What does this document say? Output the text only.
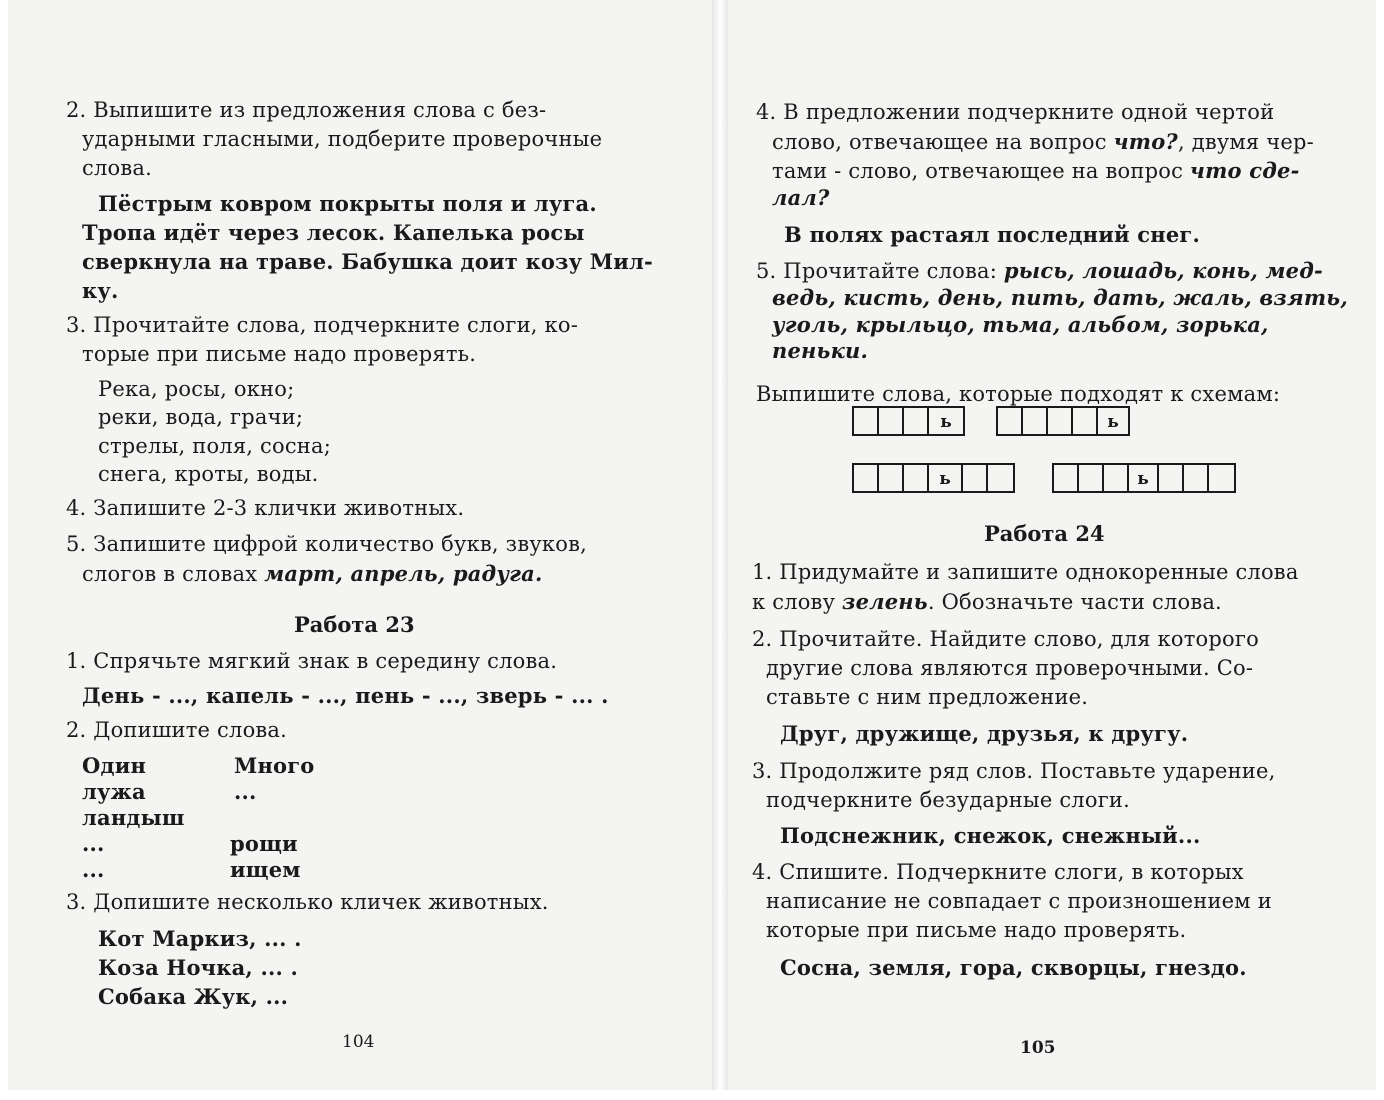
2. Выпишите из предложения слова с без-
ударными гласными, подберите проверочные
слова.
Пёстрым ковром покрыты поля и луга.
Тропа идёт через лесок. Капелька росы
сверкнула на траве. Бабушка доит козу Мил-
ку.
3. Прочитайте слова, подчеркните слоги, ко-
торые при письме надо проверять.
Река, росы, окно;
реки, вода, грачи;
стрелы, поля, сосна;
снега, кроты, воды.
4. Запишите 2-3 клички животных.
5. Запишите цифрой количество букв, звуков,
слогов в словах март, апрель, радуга.
Работа 23
1. Спрячьте мягкий знак в середину слова.
День - ..., капель - ..., пень - ..., зверь - ... .
2. Допишите слова.
Один
лужа
ландыш
...
...
Много
...
рощи
ищем
3. Допишите несколько кличек животных.
Кот Маркиз, ... .
Коза Ночка, ... .
Собака Жук, ...
104
4. В предложении подчеркните одной чертой
слово, отвечающее на вопрос что?, двумя чер-
тами - слово, отвечающее на вопрос что сде-
лал?
В полях растаял последний снег.
5. Прочитайте слова: рысь, лошадь, конь, мед-
ведь, кисть, день, пить, дать, жаль, взять,
уголь, крыльцо, тьма, альбом, зорька,
пеньки.
Выпишите слова, которые подходят к схемам:
ь	ь
ь	ь
Работа 24
1. Придумайте и запишите однокоренные слова
к слову зелень. Обозначьте части слова.
2. Прочитайте. Найдите слово, для которого
другие слова являются проверочными. Со-
ставьте с ним предложение.
Друг, дружище, друзья, к другу.
3. Продолжите ряд слов. Поставьте ударение,
подчеркните безударные слоги.
Подснежник, снежок, снежный...
4. Спишите. Подчеркните слоги, в которых
написание не совпадает с произношением и
которые при письме надо проверять.
Сосна, земля, гора, скворцы, гнездо.
105
